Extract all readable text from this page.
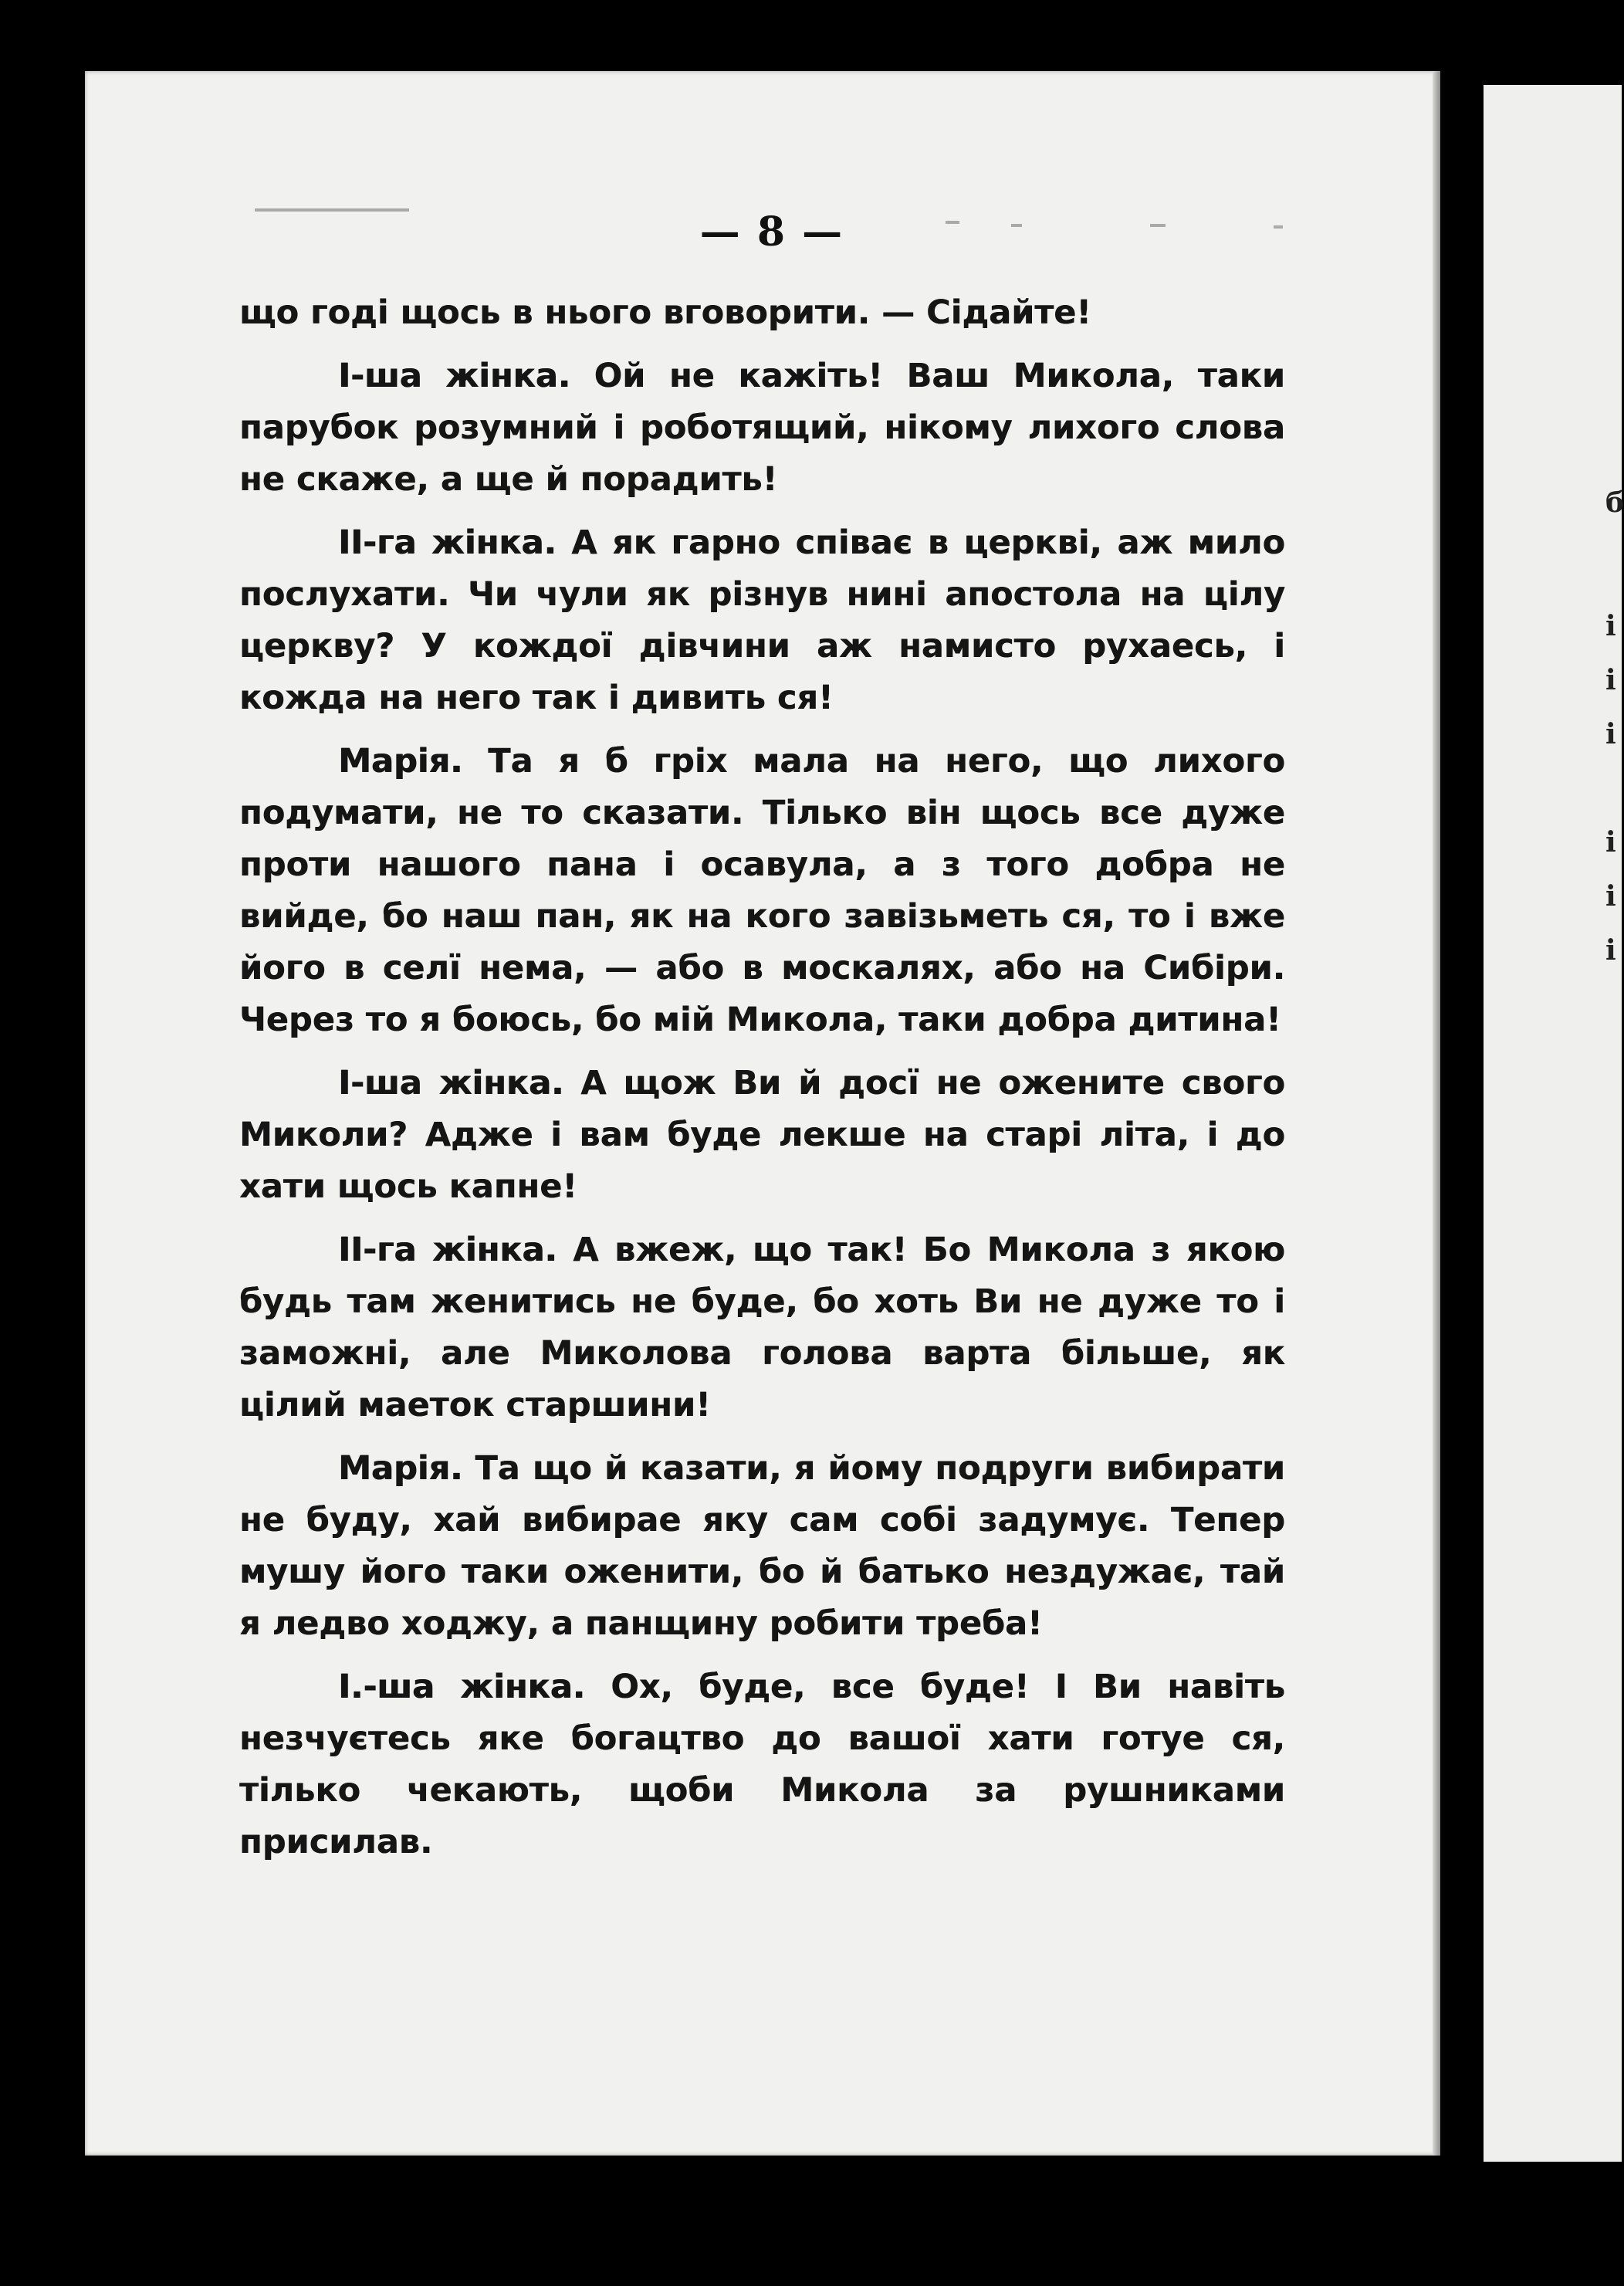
б
і
і
і
і
і
і
— 8 —

що годі щось в нього вговорити. — Сідайте!

І-ша жінка. Ой не кажіть! Ваш Микола, таки парубок розумний і роботящий, нікому лихого слова не скаже, а ще й порадить!

ІІ-га жінка. А як гарно співає в церкві, аж мило послухати. Чи чули як різнув нині апостола на цілу церкву? У кождої дівчини аж намисто рухаесь, і кожда на него так і дивить ся!

Марія. Та я б гріх мала на него, що лихого подумати, не то сказати. Тілько він щось все дуже проти нашого пана і осавула, а з того добра не вийде, бо наш пан, як на кого завізьметь ся, то і вже його в селї нема, — або в москалях, або на Сибіри. Через то я боюсь, бо мій Микола, таки добра дитина!

І-ша жінка. А щож Ви й досї не ожените свого Миколи? Адже і вам буде лекше на старі літа, і до хати щось капне!

ІІ-га жінка. А вжеж, що так! Бо Микола з якою будь там женитись не буде, бо хоть Ви не дуже то і заможні, але Миколова голова варта більше, як цілий маеток старшини!

Марія. Та що й казати, я йому подруги вибирати не буду, хай вибирае яку сам собі задумує. Тепер мушу його таки оженити, бо й батько нездужає, тай я ледво ходжу, а панщину робити треба!

І.-ша жінка. Ох, буде, все буде! І Ви навіть незчуєтесь яке богацтво до вашої хати готуе ся, тілько чекають, щоби Микола за рушниками присилав.
